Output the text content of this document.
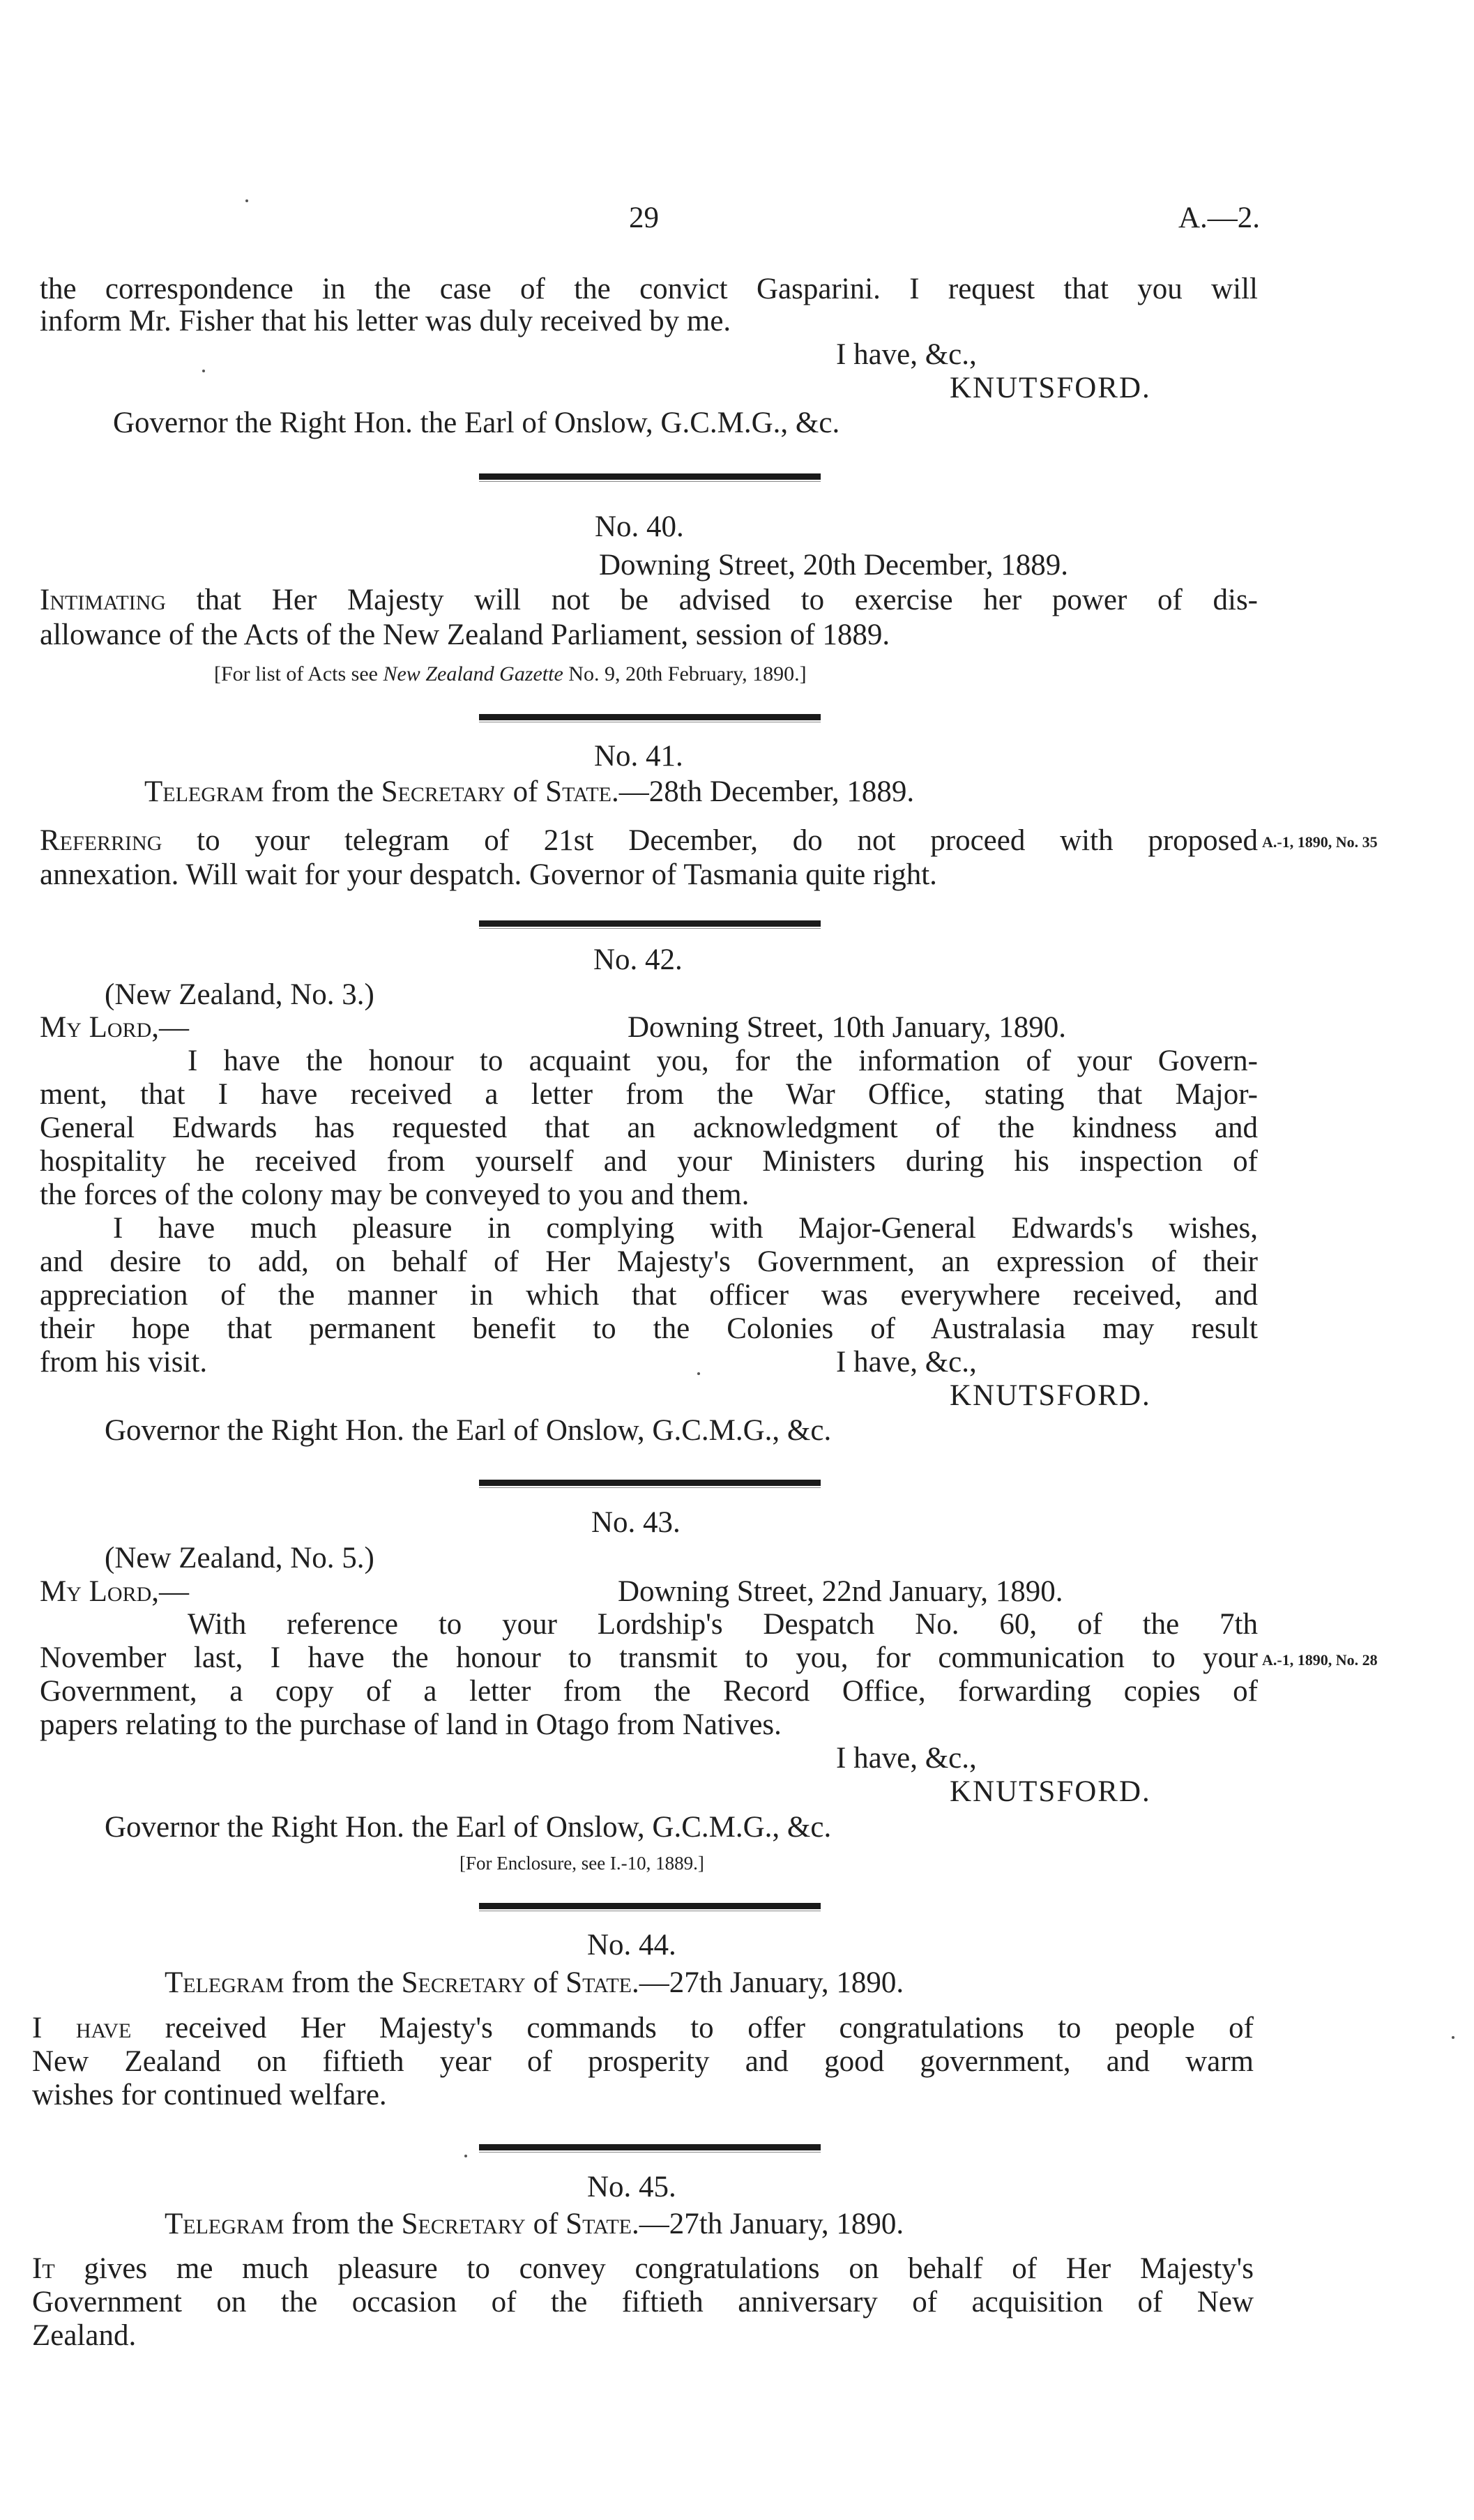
29	A.—2.
the correspondence in the case of the convict Gasparini. I request that you will
inform Mr. Fisher that his letter was duly received by me.
I have, &c.,
KNUTSFORD.
Governor the Right Hon. the Earl of Onslow, G.C.M.G., &c.
No. 40.
Downing Street, 20th December, 1889.
Intimating that Her Majesty will not be advised to exercise her power of dis-
allowance of the Acts of the New Zealand Parliament, session of 1889.
[For list of Acts see New Zealand Gazette No. 9, 20th February, 1890.]
No. 41.
Telegram from the Secretary of State.—28th December, 1889.
Referring to your telegram of 21st December, do not proceed with proposed A.-1, 1890, No. 35
annexation. Will wait for your despatch. Governor of Tasmania quite right.
No. 42.
(New Zealand, No. 3.)
My Lord,—	Downing Street, 10th January, 1890.
I have the honour to acquaint you, for the information of your Govern-
ment, that I have received a letter from the War Office, stating that Major-
General Edwards has requested that an acknowledgment of the kindness and
hospitality he received from yourself and your Ministers during his inspection of
the forces of the colony may be conveyed to you and them.
I have much pleasure in complying with Major-General Edwards's wishes,
and desire to add, on behalf of Her Majesty's Government, an expression of their
appreciation of the manner in which that officer was everywhere received, and
their hope that permanent benefit to the Colonies of Australasia may result
from his visit.	I have, &c.,
KNUTSFORD.
Governor the Right Hon. the Earl of Onslow, G.C.M.G., &c.
No. 43.
(New Zealand, No. 5.)
My Lord,—	Downing Street, 22nd January, 1890.
With reference to your Lordship's Despatch No. 60, of the 7th
November last, I have the honour to transmit to you, for communication to your A.-1, 1890, No. 28
Government, a copy of a letter from the Record Office, forwarding copies of
papers relating to the purchase of land in Otago from Natives.
I have, &c.,
KNUTSFORD.
Governor the Right Hon. the Earl of Onslow, G.C.M.G., &c.
[For Enclosure, see I.-10, 1889.]
No. 44.
Telegram from the Secretary of State.—27th January, 1890.
I have received Her Majesty's commands to offer congratulations to people of
New Zealand on fiftieth year of prosperity and good government, and warm
wishes for continued welfare.
No. 45.
Telegram from the Secretary of State.—27th January, 1890.
It gives me much pleasure to convey congratulations on behalf of Her Majesty's
Government on the occasion of the fiftieth anniversary of acquisition of New
Zealand.
